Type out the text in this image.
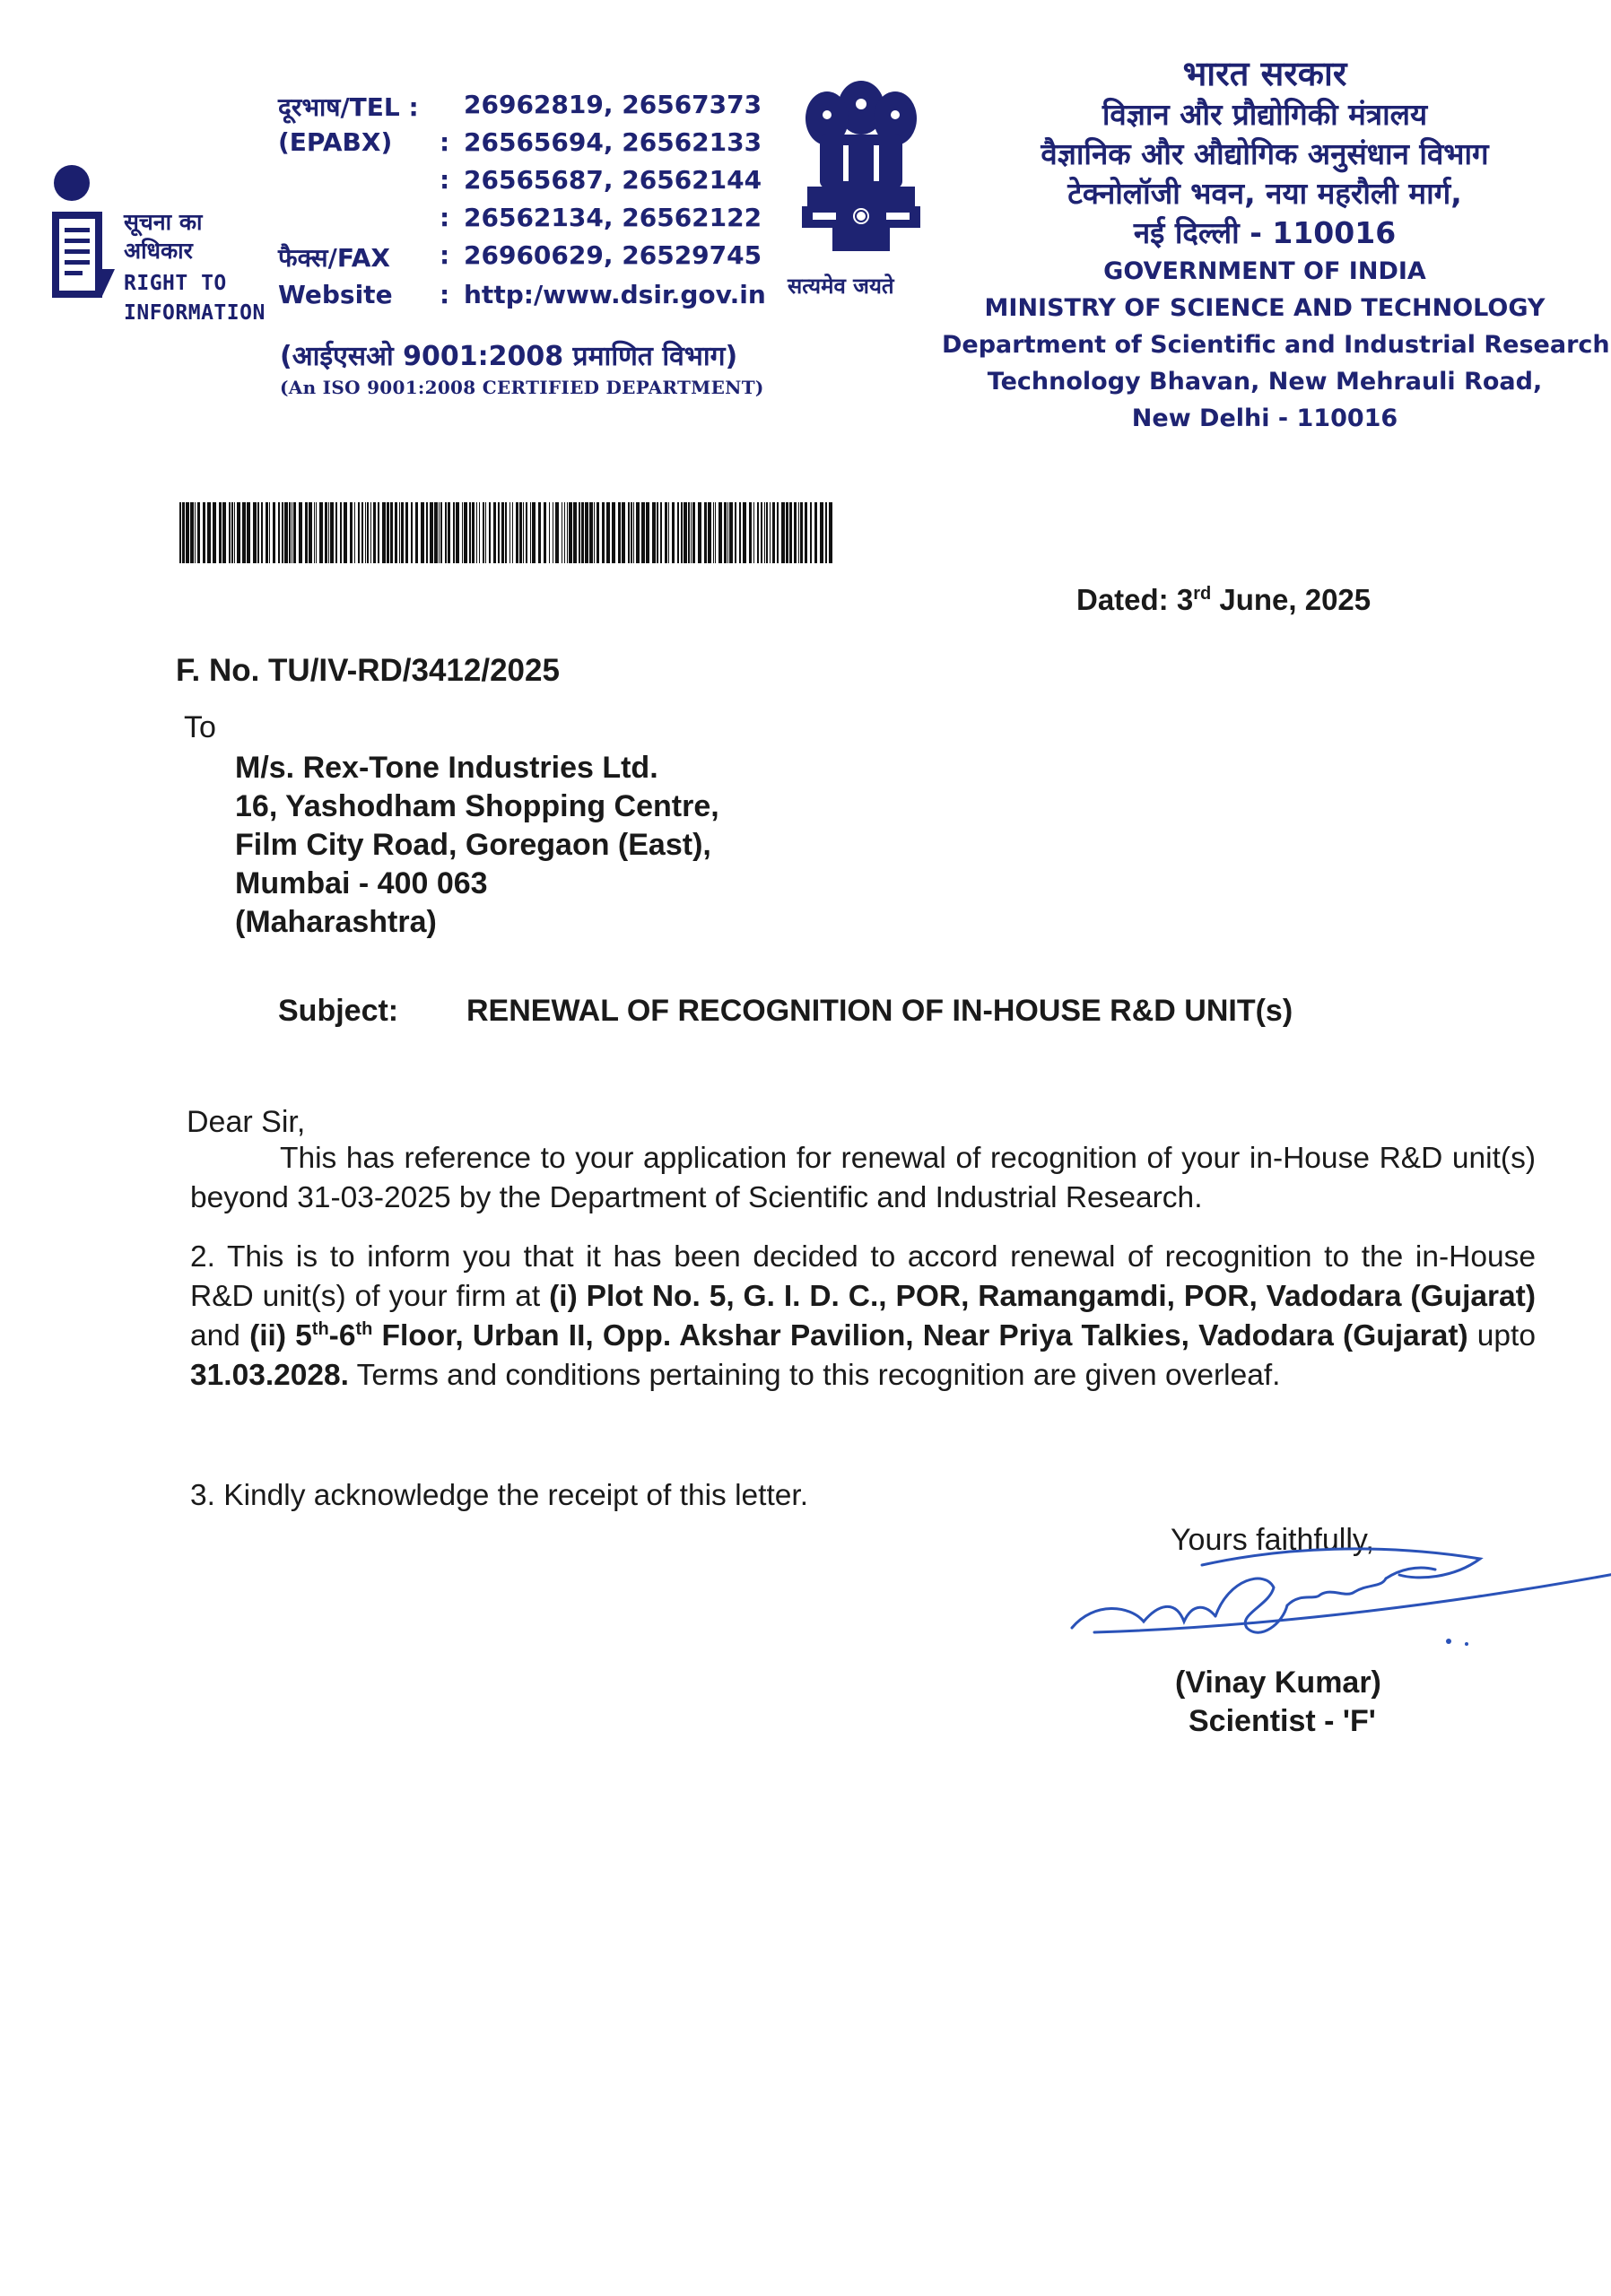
सूचना का
अधिकार
RIGHT TO
INFORMATION
दूरभाष/TEL : 26962819, 26567373
(EPABX) : 26565694, 26562133
: 26565687, 26562144
: 26562134, 26562122
फैक्स/FAX : 26960629, 26529745
Website : http:/www.dsir.gov.in
(आईएसओ 9001:2008 प्रमाणित विभाग)
(An ISO 9001:2008 CERTIFIED DEPARTMENT)
सत्यमेव जयते
भारत सरकार
विज्ञान और प्रौद्योगिकी मंत्रालय
वैज्ञानिक और औद्योगिक अनुसंधान विभाग
टेक्नोलॉजी भवन, नया महरौली मार्ग,
नई दिल्ली - 110016
GOVERNMENT OF INDIA
MINISTRY OF SCIENCE AND TECHNOLOGY
Department of Scientific and Industrial Research
Technology Bhavan, New Mehrauli Road,
New Delhi - 110016
Dated: 3rd June, 2025
F. No. TU/IV-RD/3412/2025
To
M/s. Rex-Tone Industries Ltd.
16, Yashodham Shopping Centre,
Film City Road, Goregaon (East),
Mumbai - 400 063
(Maharashtra)
Subject: RENEWAL OF RECOGNITION OF IN-HOUSE R&D UNIT(s)
Dear Sir,
This has reference to your application for renewal of recognition of your in-House R&D unit(s) beyond 31-03-2025 by the Department of Scientific and Industrial Research.
2. This is to inform you that it has been decided to accord renewal of recognition to the in-House R&D unit(s) of your firm at (i) Plot No. 5, G. I. D. C., POR, Ramangamdi, POR, Vadodara (Gujarat) and (ii) 5th-6th Floor, Urban II, Opp. Akshar Pavilion, Near Priya Talkies, Vadodara (Gujarat) upto 31.03.2028. Terms and conditions pertaining to this recognition are given overleaf.
3. Kindly acknowledge the receipt of this letter.
Yours faithfully,
(Vinay Kumar)
Scientist - 'F'
